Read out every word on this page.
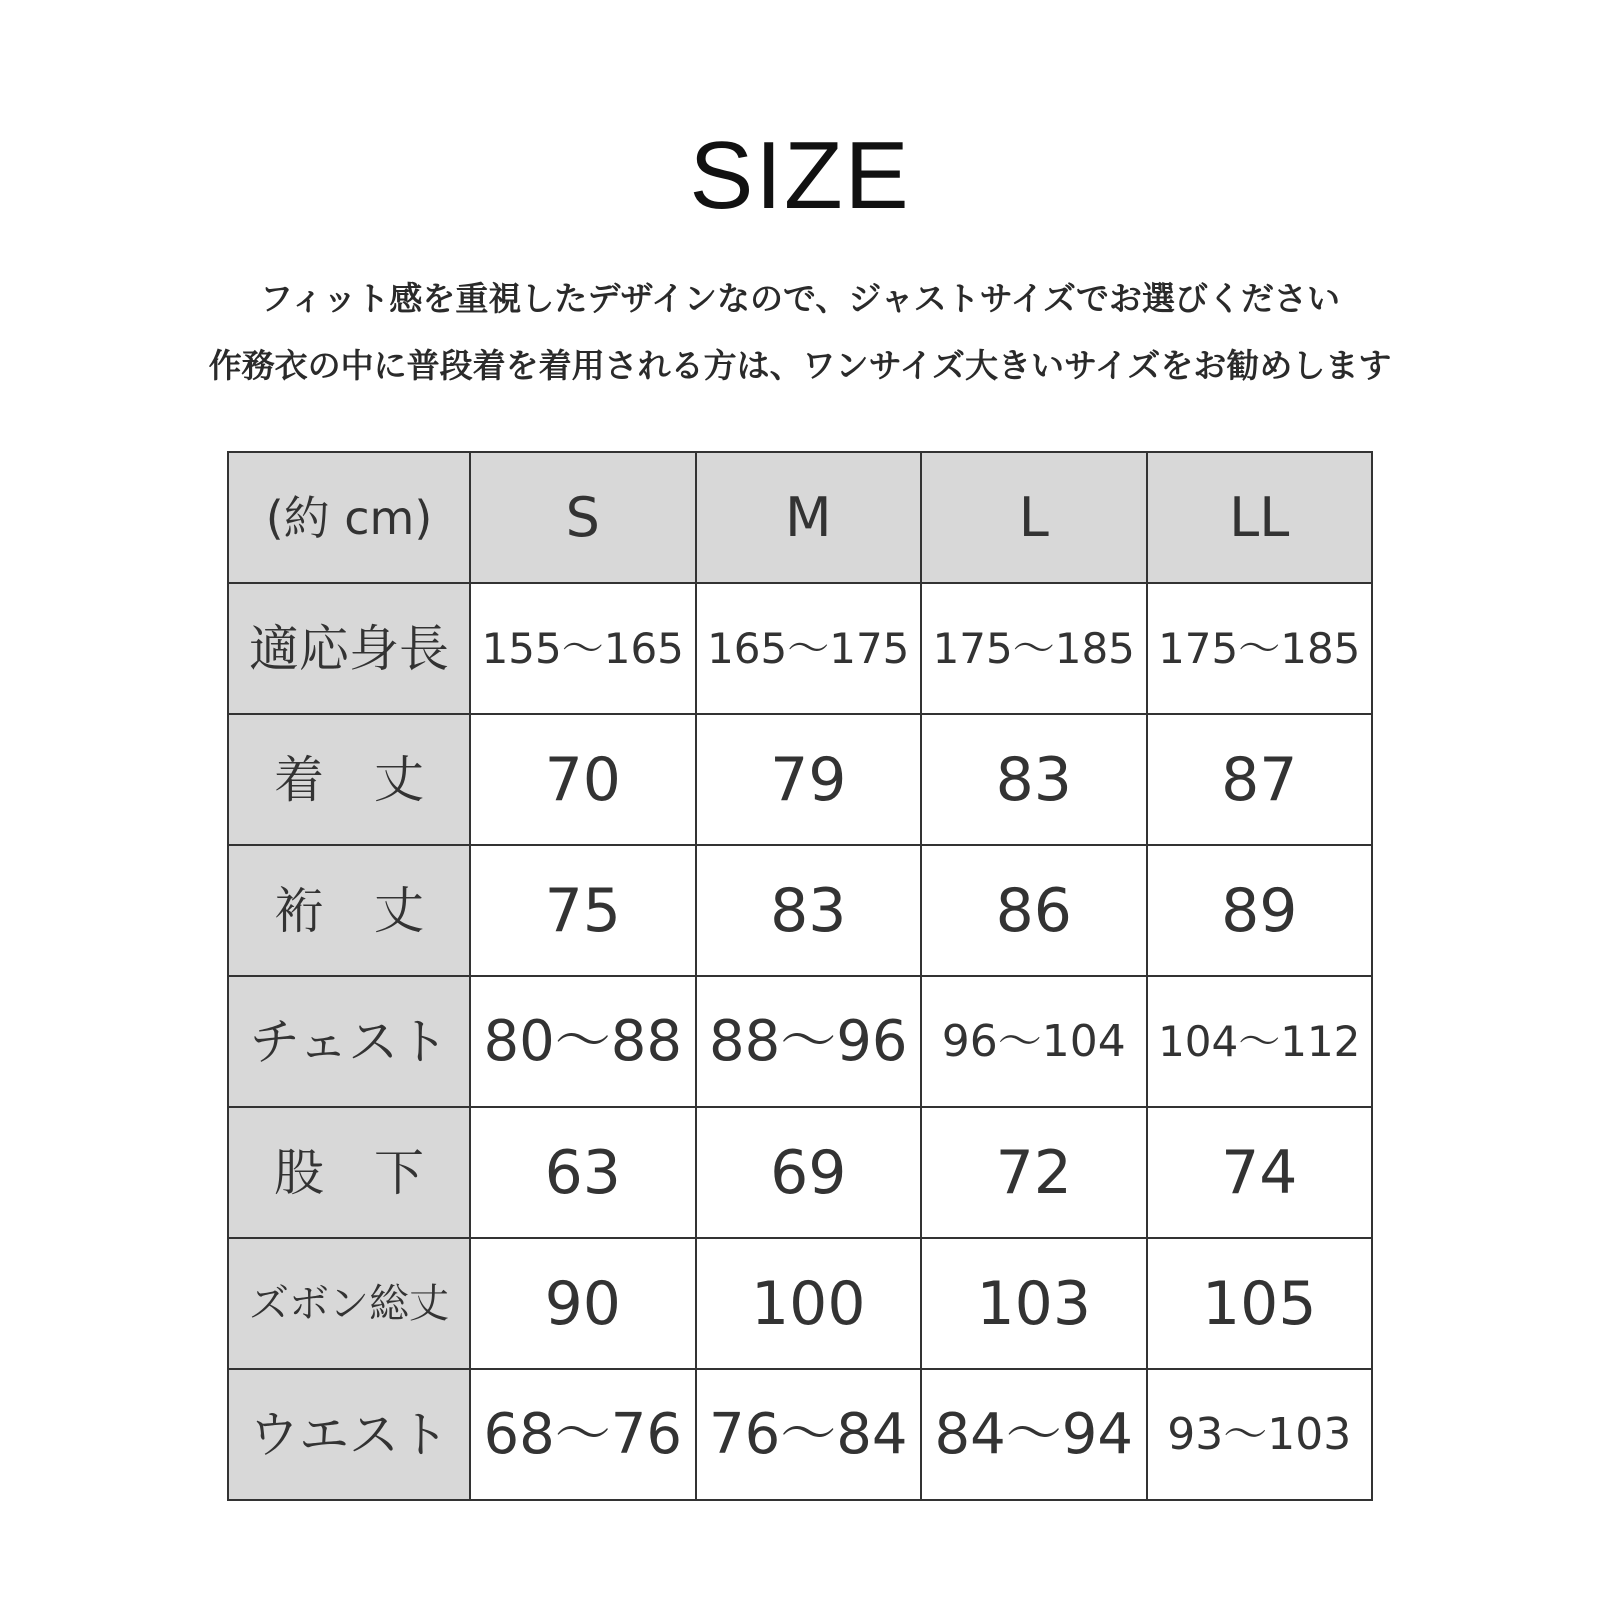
SIZE
フィット感を重視したデザインなので、ジャストサイズでお選びください
作務衣の中に普段着を着用される方は、ワンサイズ大きいサイズをお勧めします
(約 cm)	S	M	L	LL
適応身長	155～165	165～175	175～185	175～185
着　丈	70	79	83	87
裄　丈	75	83	86	89
チェスト	80～88	88～96	96～104	104～112
股　下	63	69	72	74
ズボン総丈	90	100	103	105
ウエスト	68～76	76～84	84～94	93～103
